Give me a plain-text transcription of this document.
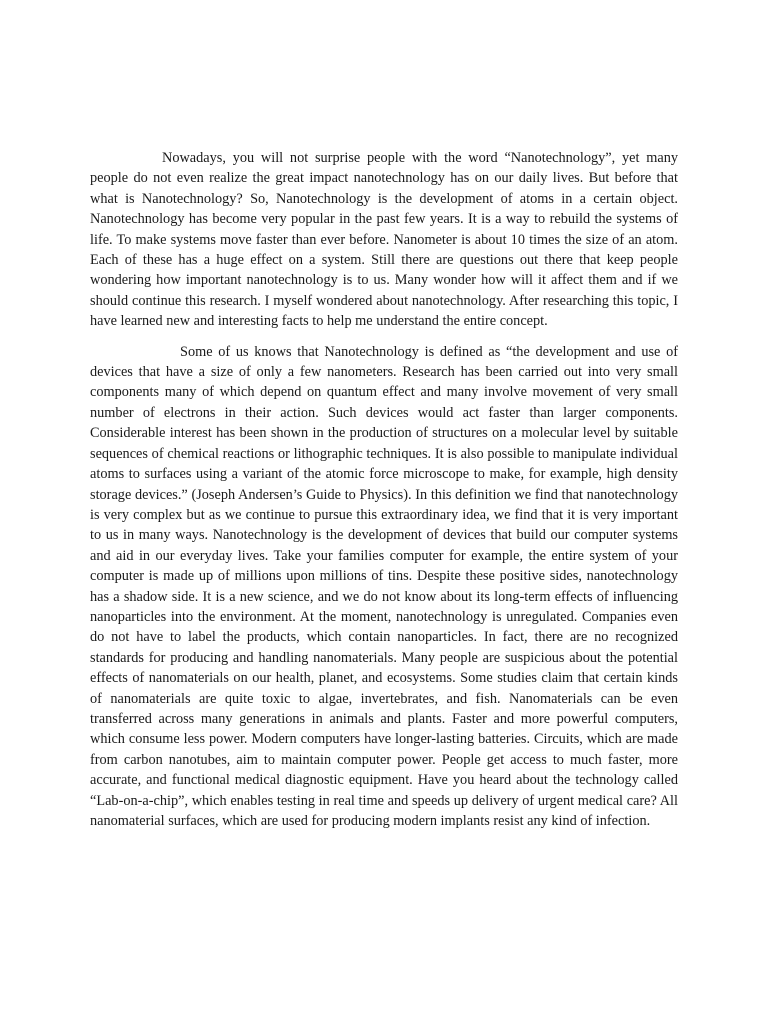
Nowadays, you will not surprise people with the word “Nanotechnology”, yet many people do not even realize the great impact nanotechnology has on our daily lives. But before that what is Nanotechnology? So, Nanotechnology is the development of atoms in a certain object. Nanotechnology has become very popular in the past few years. It is a way to rebuild the systems of life. To make systems move faster than ever before. Nanometer is about 10 times the size of an atom. Each of these has a huge effect on a system. Still there are questions out there that keep people wondering how important nanotechnology is to us. Many wonder how will it affect them and if we should continue this research. I myself wondered about nanotechnology. After researching this topic, I have learned new and interesting facts to help me understand the entire concept.

Some of us knows that Nanotechnology is defined as “the development and use of devices that have a size of only a few nanometers. Research has been carried out into very small components many of which depend on quantum effect and many involve movement of very small number of electrons in their action. Such devices would act faster than larger components. Considerable interest has been shown in the production of structures on a molecular level by suitable sequences of chemical reactions or lithographic techniques. It is also possible to manipulate individual atoms to surfaces using a variant of the atomic force microscope to make, for example, high density storage devices.” (Joseph Andersen’s Guide to Physics). In this definition we find that nanotechnology is very complex but as we continue to pursue this extraordinary idea, we find that it is very important to us in many ways. Nanotechnology is the development of devices that build our computer systems and aid in our everyday lives. Take your families computer for example, the entire system of your computer is made up of millions upon millions of tins. Despite these positive sides, nanotechnology has a shadow side. It is a new science, and we do not know about its long-term effects of influencing nanoparticles into the environment. At the moment, nanotechnology is unregulated. Companies even do not have to label the products, which contain nanoparticles. In fact, there are no recognized standards for producing and handling nanomaterials. Many people are suspicious about the potential effects of nanomaterials on our health, planet, and ecosystems. Some studies claim that certain kinds of nanomaterials are quite toxic to algae, invertebrates, and fish. Nanomaterials can be even transferred across many generations in animals and plants. Faster and more powerful computers, which consume less power. Modern computers have longer-lasting batteries. Circuits, which are made from carbon nanotubes, aim to maintain computer power. People get access to much faster, more accurate, and functional medical diagnostic equipment. Have you heard about the technology called “Lab-on-a-chip”, which enables testing in real time and speeds up delivery of urgent medical care? All nanomaterial surfaces, which are used for producing modern implants resist any kind of infection.
